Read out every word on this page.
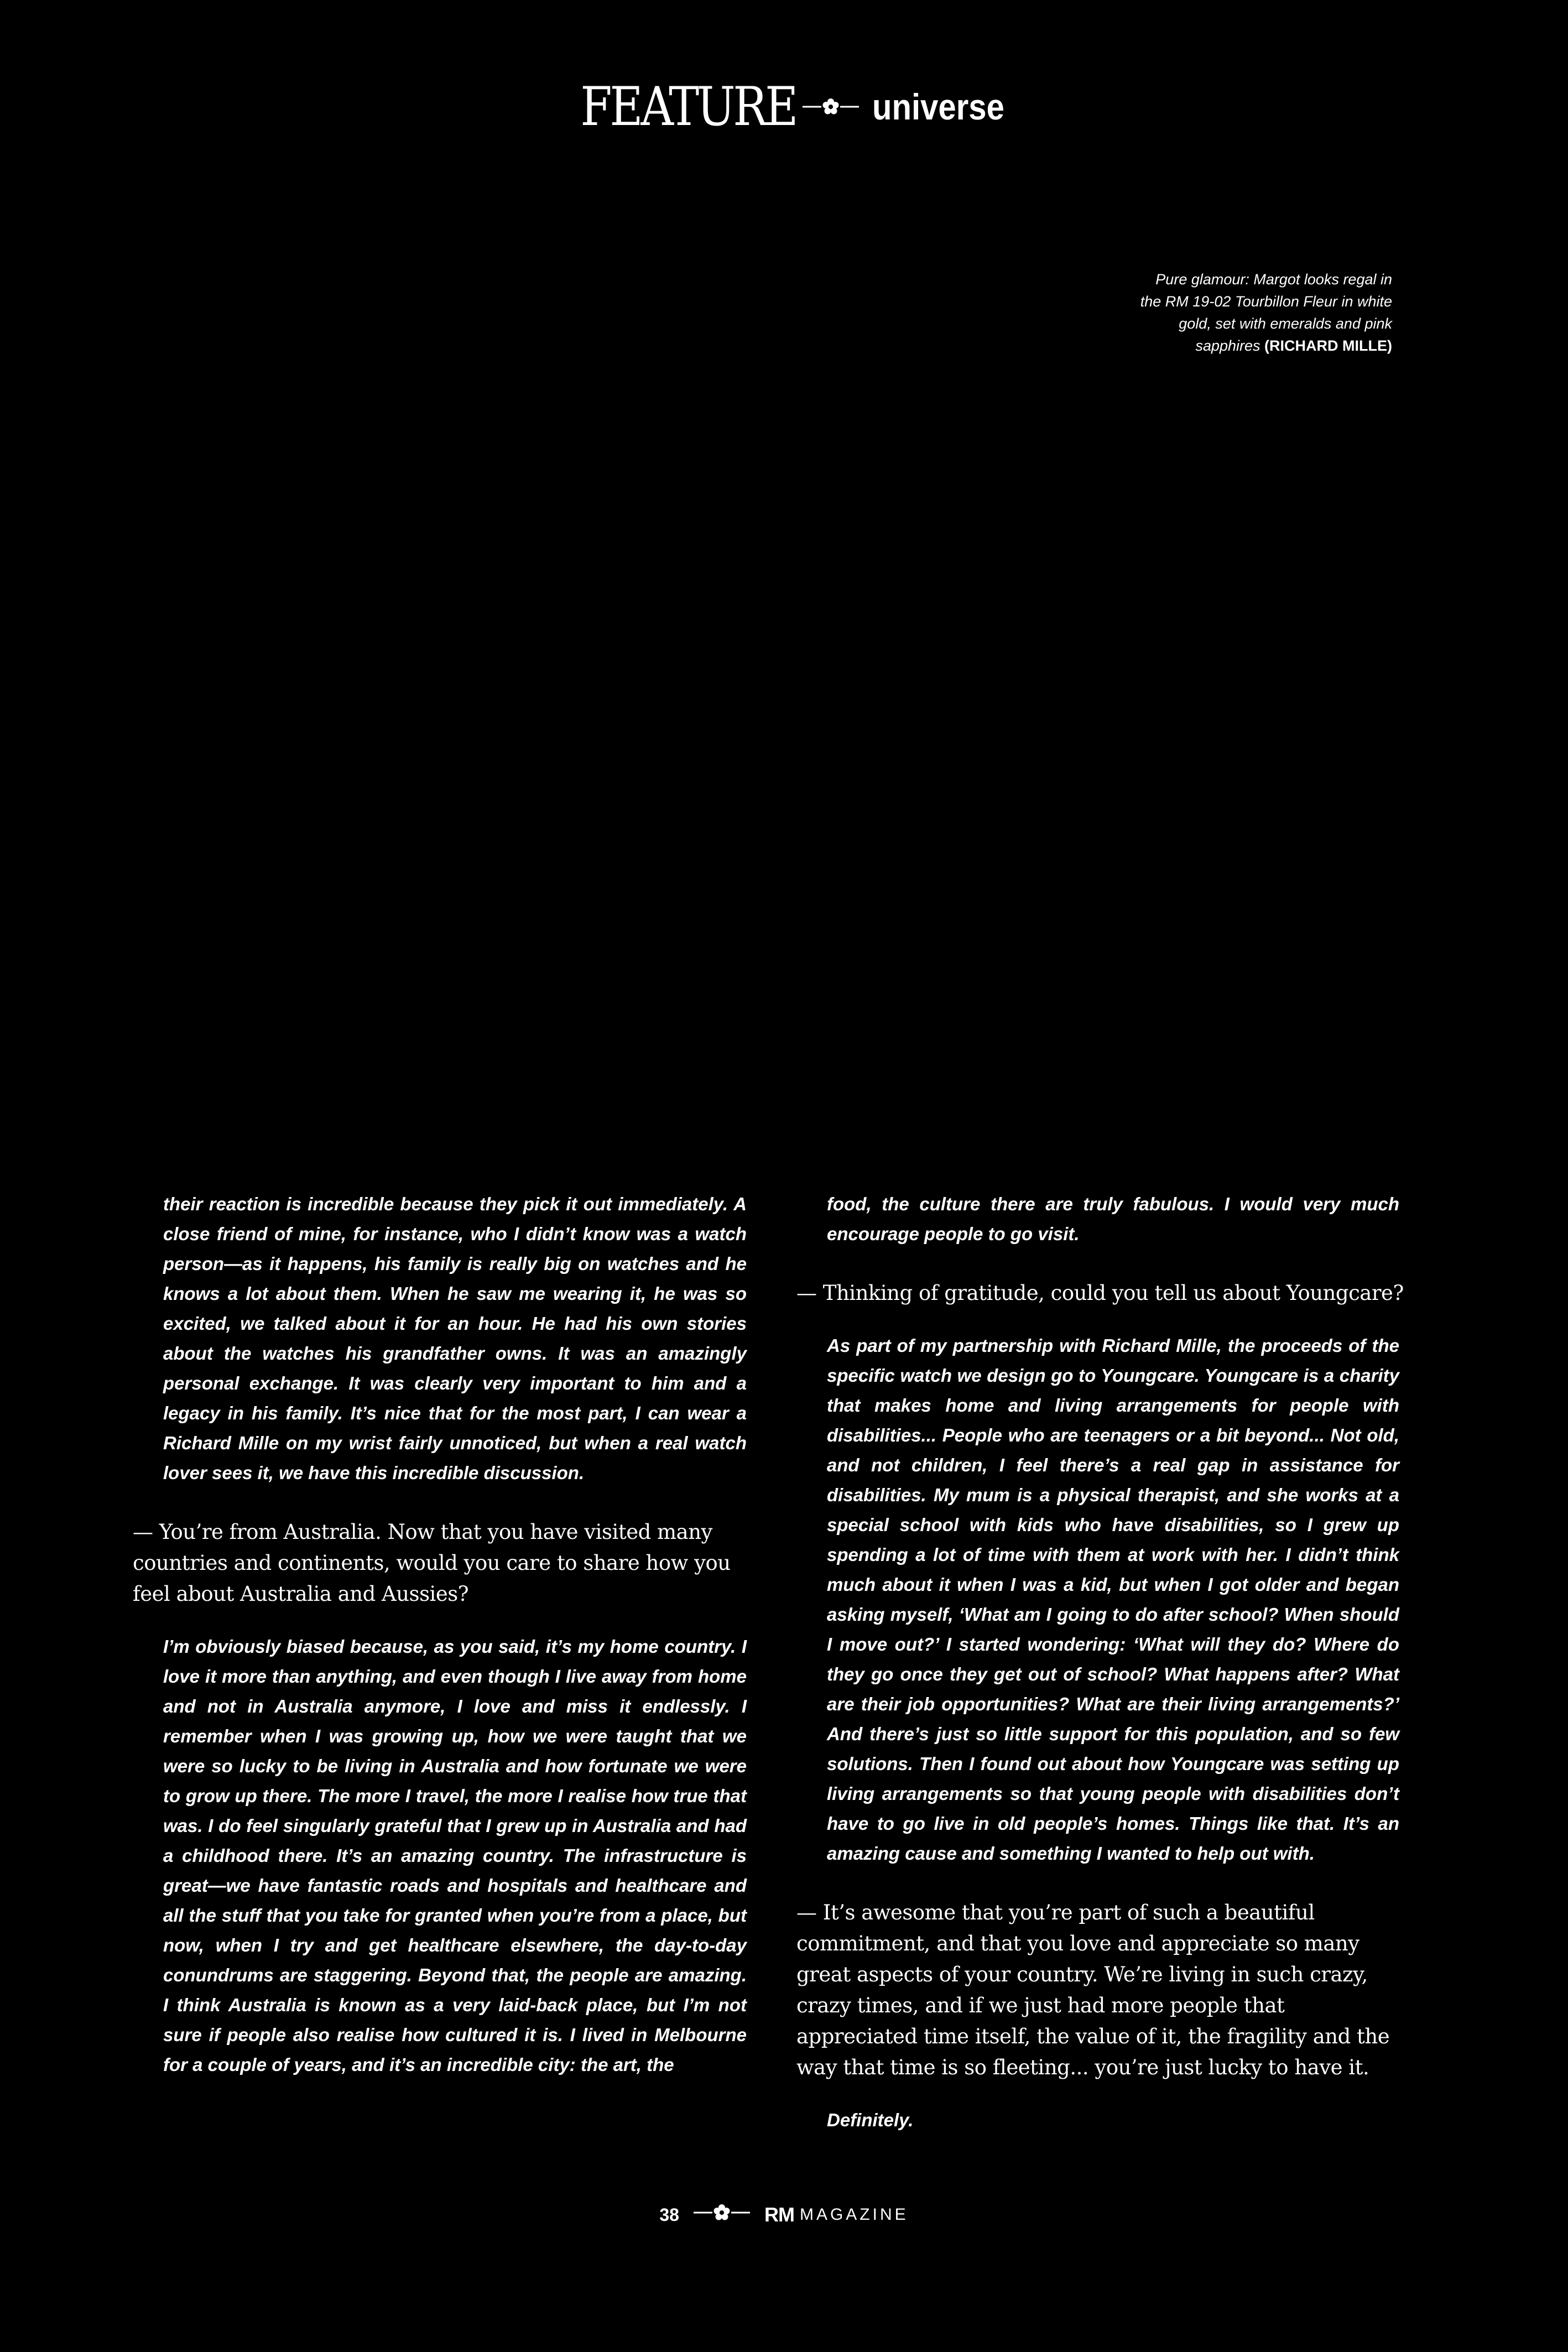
FEATURE universe
Pure glamour: Margot looks regal in the RM 19-02 Tourbillon Fleur in white gold, set with emeralds and pink sapphires (RICHARD MILLE)

their reaction is incredible because they pick it out immediately. A close friend of mine, for instance, who I didn’t know was a watch person—as it happens, his family is really big on watches and he knows a lot about them. When he saw me wearing it, he was so excited, we talked about it for an hour. He had his own stories about the watches his grandfather owns. It was an amazingly personal exchange. It was clearly very important to him and a legacy in his family. It’s nice that for the most part, I can wear a Richard Mille on my wrist fairly unnoticed, but when a real watch lover sees it, we have this incredible discussion.

— You’re from Australia. Now that you have visited many countries and continents, would you care to share how you feel about Australia and Aussies?

I’m obviously biased because, as you said, it’s my home country. I love it more than anything, and even though I live away from home and not in Australia anymore, I love and miss it endlessly. I remember when I was growing up, how we were taught that we were so lucky to be living in Australia and how fortunate we were to grow up there. The more I travel, the more I realise how true that was. I do feel singularly grateful that I grew up in Australia and had a childhood there. It’s an amazing country. The infrastructure is great—we have fantastic roads and hospitals and healthcare and all the stuff that you take for granted when you’re from a place, but now, when I try and get healthcare elsewhere, the day-to-day conundrums are staggering. Beyond that, the people are amazing. I think Australia is known as a very laid-back place, but I’m not sure if people also realise how cultured it is. I lived in Melbourne for a couple of years, and it’s an incredible city: the art, the

food, the culture there are truly fabulous. I would very much encourage people to go visit.

— Thinking of gratitude, could you tell us about Youngcare?

As part of my partnership with Richard Mille, the proceeds of the specific watch we design go to Youngcare. Youngcare is a charity that makes home and living arrangements for people with disabilities... People who are teenagers or a bit beyond... Not old, and not children, I feel there’s a real gap in assistance for disabilities. My mum is a physical therapist, and she works at a special school with kids who have disabilities, so I grew up spending a lot of time with them at work with her. I didn’t think much about it when I was a kid, but when I got older and began asking myself, ‘What am I going to do after school? When should I move out?’ I started wondering: ‘What will they do? Where do they go once they get out of school? What happens after? What are their job opportunities? What are their living arrangements?’ And there’s just so little support for this population, and so few solutions. Then I found out about how Youngcare was setting up living arrangements so that young people with disabilities don’t have to go live in old people’s homes. Things like that. It’s an amazing cause and something I wanted to help out with.

— It’s awesome that you’re part of such a beautiful commitment, and that you love and appreciate so many great aspects of your country. We’re living in such crazy, crazy times, and if we just had more people that appreciated time itself, the value of it, the fragility and the way that time is so fleeting... you’re just lucky to have it.

Definitely.

38	RM MAGAZINE
